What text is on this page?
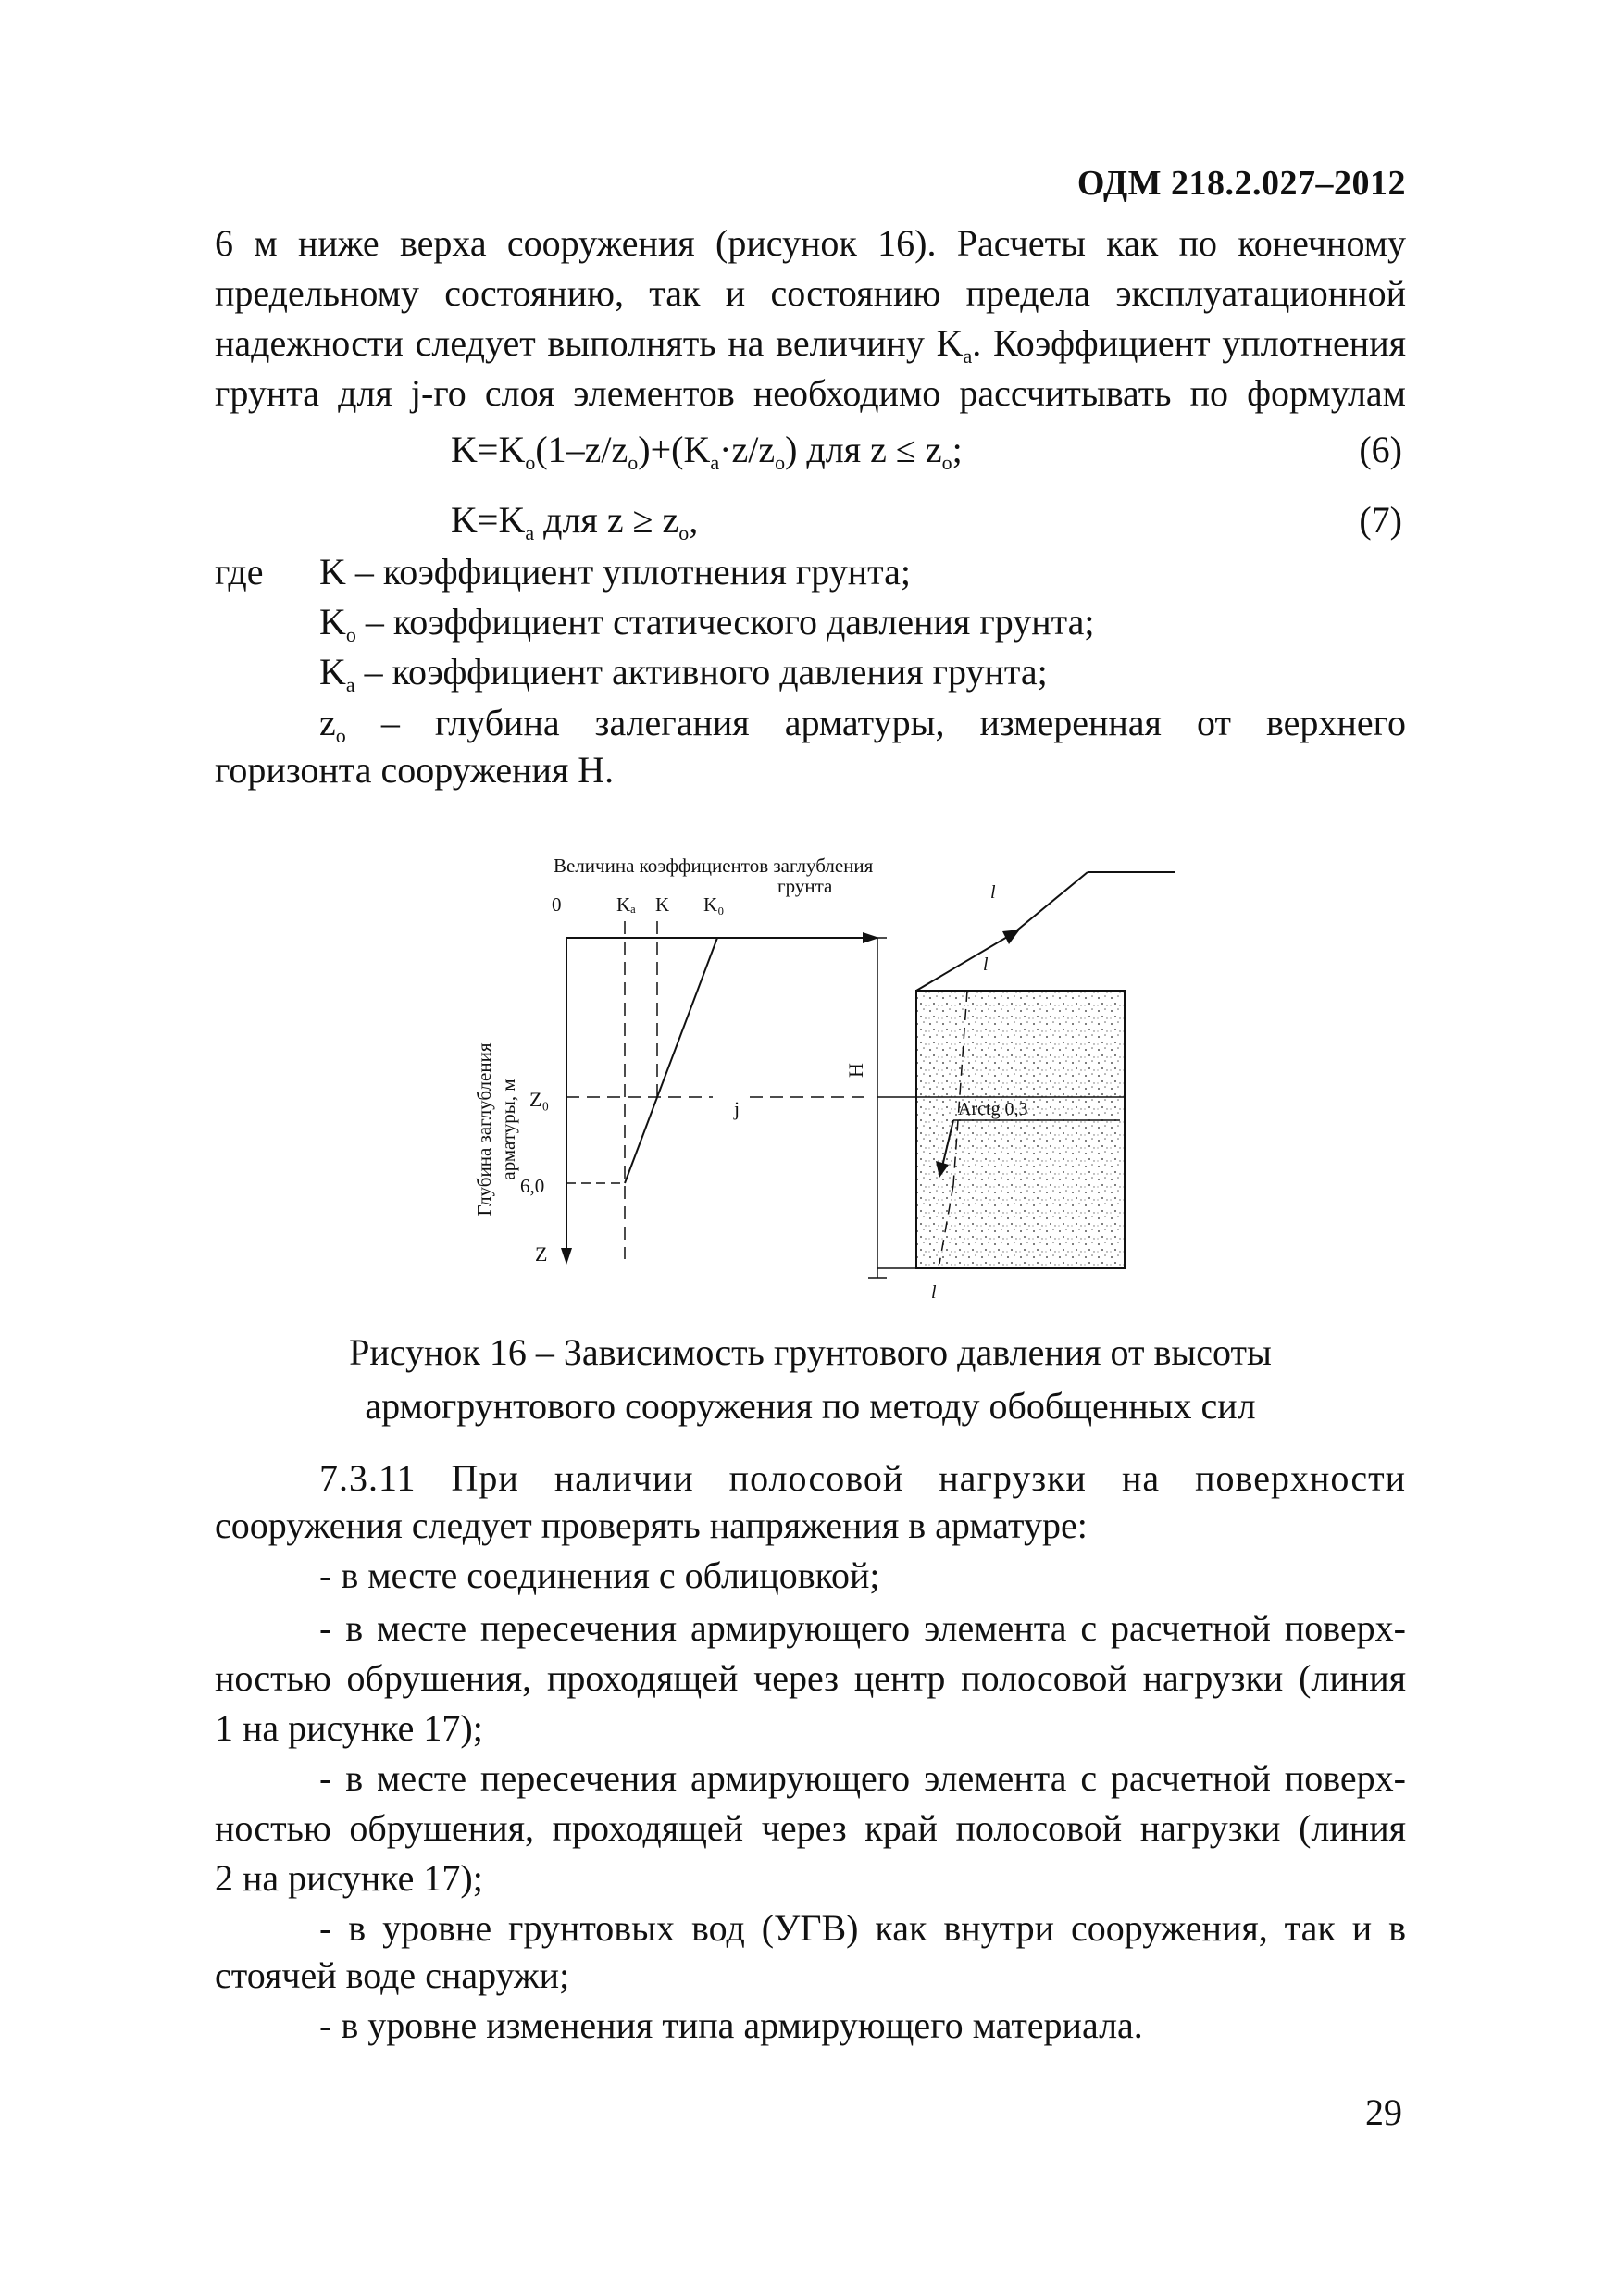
ОДМ 218.2.027–2012
6 м ниже верха сооружения (рисунок 16). Расчеты как по конечному
предельному состоянию, так и состоянию предела эксплуатационной
надежности следует выполнять на величину $K_a$. Коэффициент уплотнения
грунта для j-го слоя элементов необходимо рассчитывать по формулам
$K=K_o(1-z/z_o)+(K_a\cdot z/z_o)$ для $z \le z_o$;	(6)
$K=K_a$ для $z \ge z_o$,	(7)
где K – коэффициент уплотнения грунта;
$K_o$ – коэффициент статического давления грунта;
$K_a$ – коэффициент активного давления грунта;
$z_o$ – глубина залегания арматуры, измеренная от верхнего
горизонта сооружения H.
Величина коэффициентов заглубления
грунта
0	Kₐ K K₀
Z₀
6,0
Z
Глубина заглубления арматуры, м	j
H
Arctg 0,3
l
l
l
Рисунок 16 – Зависимость грунтового давления от высоты
армогрунтового сооружения по методу обобщенных сил
7.3.11 При наличии полосовой нагрузки на поверхности
сооружения следует проверять напряжения в арматуре:
- в месте соединения с облицовкой;
- в месте пересечения армирующего элемента с расчетной поверх-
ностью обрушения, проходящей через центр полосовой нагрузки (линия
1 на рисунке 17);
- в месте пересечения армирующего элемента с расчетной поверх-
ностью обрушения, проходящей через край полосовой нагрузки (линия
2 на рисунке 17);
- в уровне грунтовых вод (УГВ) как внутри сооружения, так и в
стоячей воде снаружи;
- в уровне изменения типа армирующего материала.
29
